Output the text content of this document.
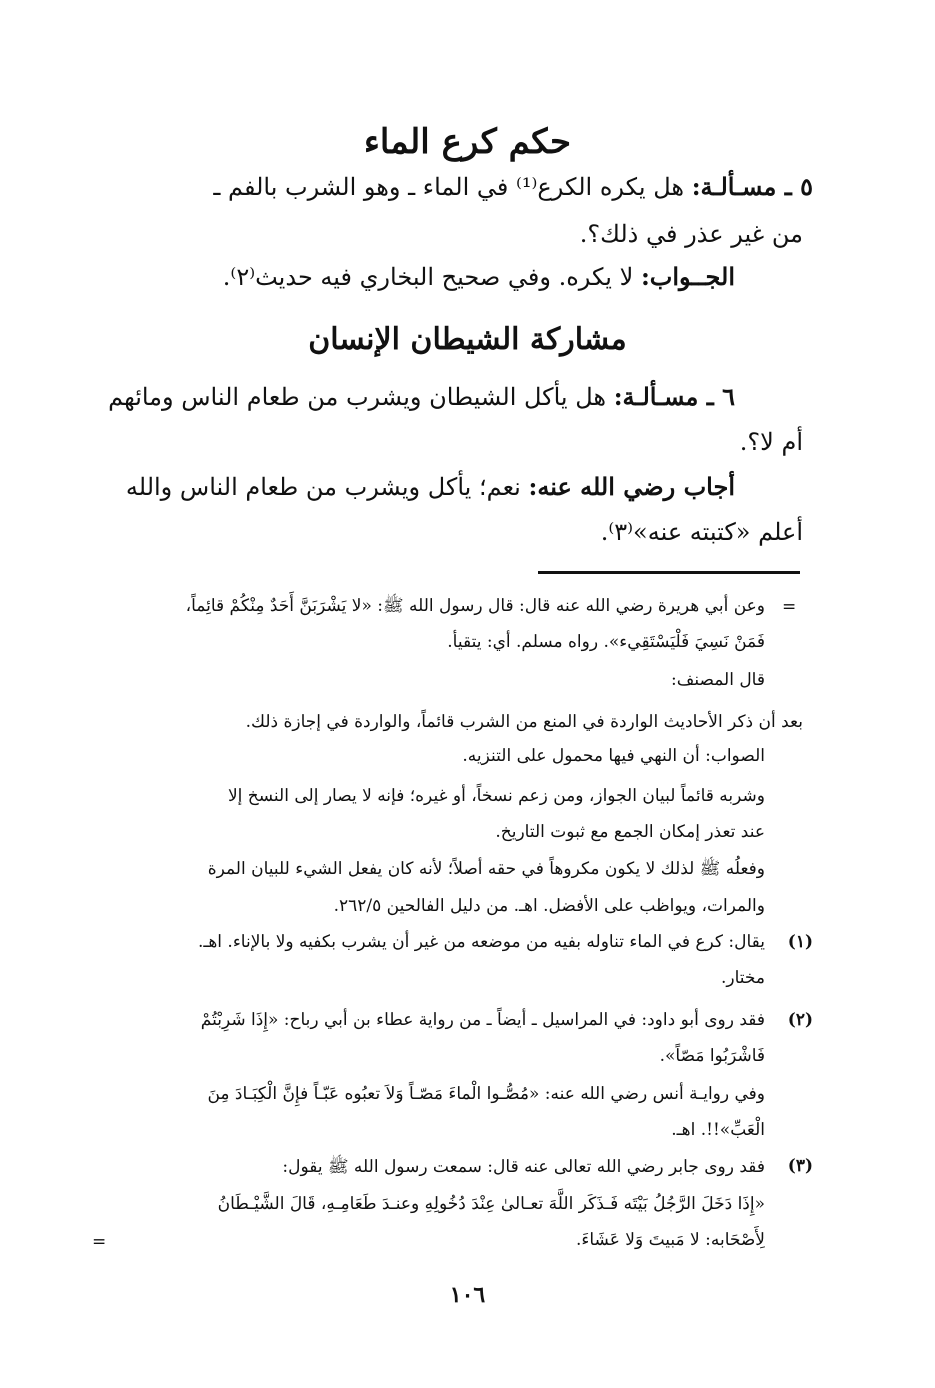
حكم كرع الماء
٥ ـ مسـألـة: هل يكره الكرع⁽¹⁾ في الماء ـ وهو الشرب بالفم ـ
من غير عذر في ذلك؟.
الجــواب: لا يكره. وفي صحيح البخاري فيه حديث⁽٢⁾.
مشاركة الشيطان الإنسان
٦ ـ مسـألـة: هل يأكل الشيطان ويشرب من طعام الناس ومائهم
أم لا؟.
أجاب رضي الله عنه: نعم؛ يأكل ويشرب من طعام الناس والله
أعلم «كتبته عنه»⁽٣⁾.
=
وعن أبي هريرة رضي الله عنه قال: قال رسول الله ﷺ: «لا يَشْرَبَنَّ أَحَدٌ مِنْكُمْ قائِماً،
فَمَنْ نَسِيَ فَلْيَسْتَقِيء». رواه مسلم. أي: يتقيأ.
قال المصنف:
بعد أن ذكر الأحاديث الواردة في المنع من الشرب قائماً، والواردة في إجازة ذلك.
الصواب: أن النهي فيها محمول على التنزيه.
وشربه قائماً لبيان الجواز، ومن زعم نسخاً، أو غيره؛ فإنه لا يصار إلى النسخ إلا
عند تعذر إمكان الجمع مع ثبوت التاريخ.
وفعلُه ﷺ لذلك لا يكون مكروهاً في حقه أصلاً؛ لأنه كان يفعل الشيء للبيان المرة
والمرات، ويواظب على الأفضل. اهـ. من دليل الفالحين ٢٦٢/٥.
(١)
يقال: كرع في الماء تناوله بفيه من موضعه من غير أن يشرب بكفيه ولا بالإناء. اهـ.
مختار.
(٢)
فقد روى أبو داود: في المراسيل ـ أيضاً ـ من رواية عطاء بن أبي رباح: «إِذَا شَرِبْتُمْ
فَاشْرَبُوا مَصّاً».
وفي روايـة أنس رضي الله عنه: «مُصُّـوا الْماءَ مَصّـاً وَلاَ تعبُوه عَبّـاً فإِنَّ الْكِبَـادَ مِنَ
الْعَبِّ»!!. اهـ.
(٣)
فقد روى جابر رضي الله تعالى عنه قال: سمعت رسول الله ﷺ يقول:
«إِذَا دَخَلَ الرَّجُلُ بَيْتَه فَـذَكَر اللَّهَ تعـالىٰ عِنْدَ دُخُولِهِ وعنـدَ طَعَامِـهِ، قَالَ الشَّيْـطَانُ
لِأَصْحَابه: لا مَبيتَ وَلا عَشَاءَ.
=
١٠٦
